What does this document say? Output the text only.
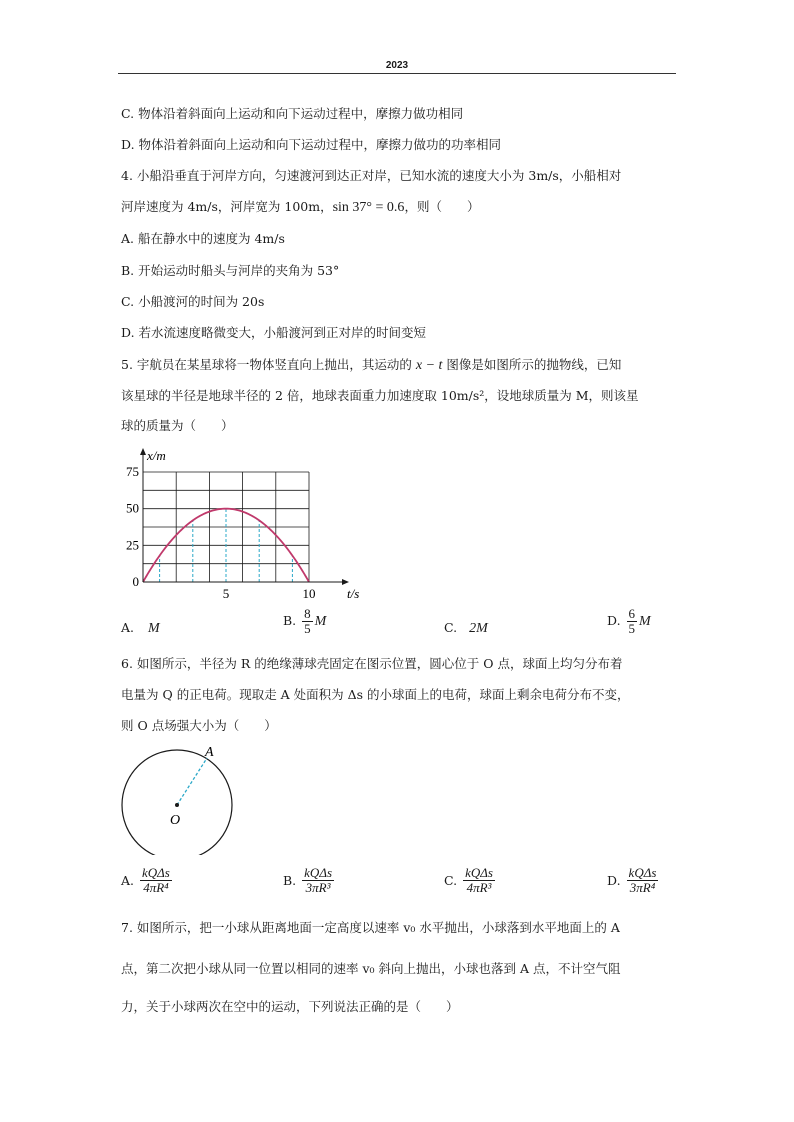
2023
C. 物体沿着斜面向上运动和向下运动过程中，摩擦力做功相同
D. 物体沿着斜面向上运动和向下运动过程中，摩擦力做功的功率相同
4. 小船沿垂直于河岸方向，匀速渡河到达正对岸，已知水流的速度大小为 3m/s，小船相对
河岸速度为 4m/s，河岸宽为 100m，sin 37° = 0.6，则（　　）
A. 船在静水中的速度为 4m/s
B. 开始运动时船头与河岸的夹角为 53°
C. 小船渡河的时间为 20s
D. 若水流速度略微变大，小船渡河到正对岸的时间变短
5. 宇航员在某星球将一物体竖直向上抛出，其运动的 x − t 图像是如图所示的抛物线，已知
该星球的半径是地球半径的 2 倍，地球表面重力加速度取 10m/s²，设地球质量为 M，则该星
球的质量为（　　）
x/m
t/s
75
50
25
0
5	10
A. M
B. $\frac{8}{5}$ M	C. 2M
D. $\frac{6}{5}$ M
6. 如图所示，半径为 R 的绝缘薄球壳固定在图示位置，圆心位于 O 点，球面上均匀分布着
电量为 Q 的正电荷。现取走 A 处面积为 Δs 的小球面上的电荷，球面上剩余电荷分布不变，
则 O 点场强大小为（　　）
A
O
A. $\frac{\text{kQΔs}}{\text{4πR⁴}}$	B. $\frac{\text{kQΔs}}{\text{3πR³}}$	C. $\frac{\text{kQΔs}}{\text{4πR³}}$	D. $\frac{\text{kQΔs}}{\text{3πR⁴}}$
7. 如图所示，把一小球从距离地面一定高度以速率 v₀ 水平抛出，小球落到水平地面上的 A
点，第二次把小球从同一位置以相同的速率 v₀ 斜向上抛出，小球也落到 A 点，不计空气阻
力，关于小球两次在空中的运动，下列说法正确的是（　　）
